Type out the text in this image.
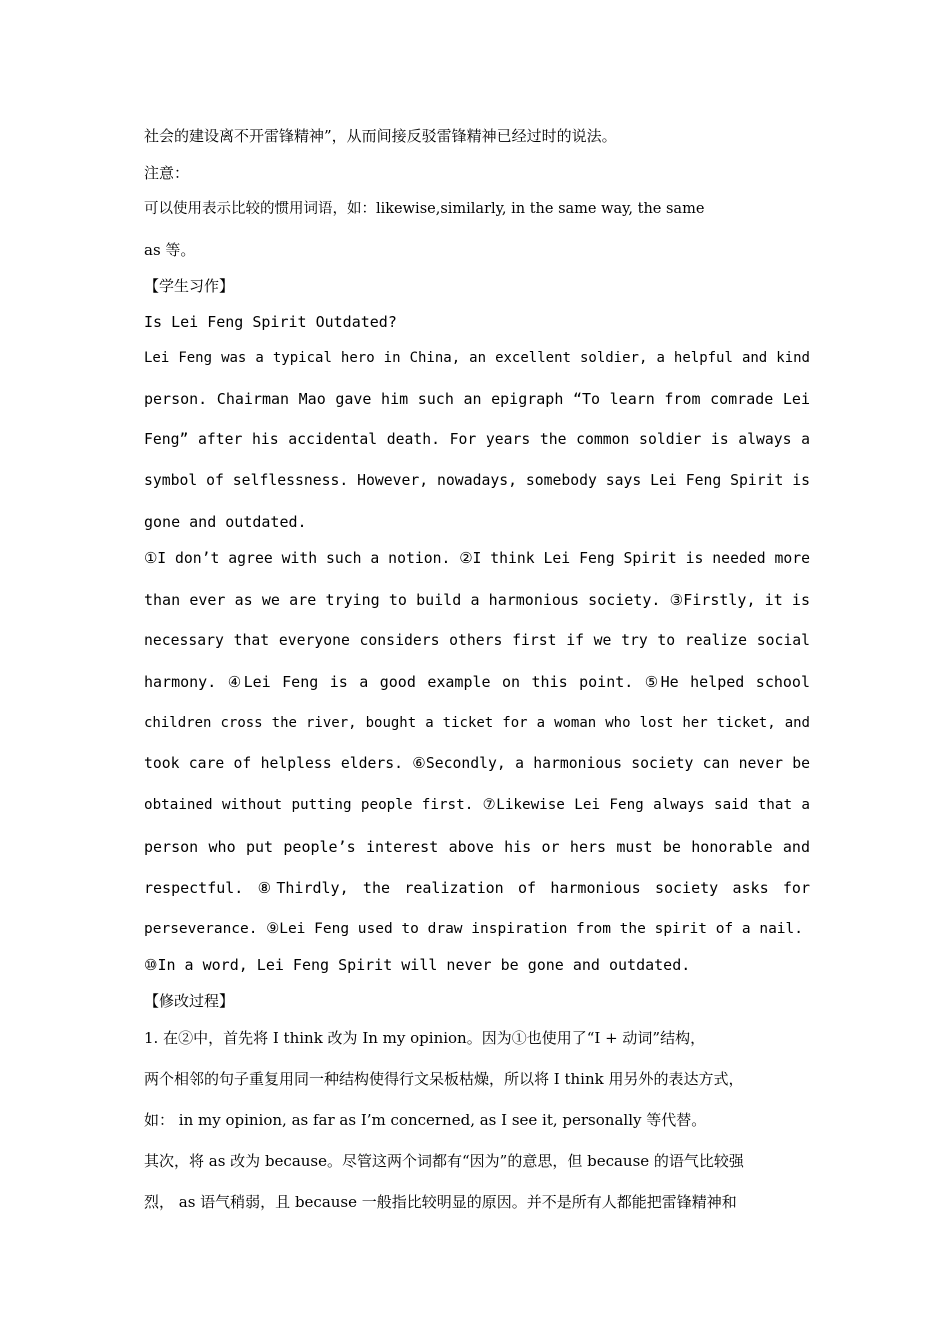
社会的建设离不开雷锋精神”，从而间接反驳雷锋精神已经过时的说法。
注意：
可以使用表示比较的惯用词语，如：likewise,similarly, in the same way, the same
as 等。
【学生习作】
Is Lei Feng Spirit Outdated?
Lei Feng was a typical hero in China, an excellent soldier, a helpful and kind
person. Chairman Mao gave him such an epigraph “To learn from comrade Lei
Feng” after his accidental death. For years the common soldier is always a
symbol of selflessness. However, nowadays, somebody says Lei Feng Spirit is
gone and outdated.
①I don’t agree with such a notion. ②I think Lei Feng Spirit is needed more
than ever as we are trying to build a harmonious society. ③Firstly, it is
necessary that everyone considers others first if we try to realize social
harmony. ④Lei Feng is a good example on this point. ⑤He helped school
children cross the river, bought a ticket for a woman who lost her ticket, and
took care of helpless elders. ⑥Secondly, a harmonious society can never be
obtained without putting people first. ⑦Likewise Lei Feng always said that a
person who put people’s interest above his or hers must be honorable and
respectful. ⑧Thirdly, the realization of harmonious society asks for
perseverance. ⑨Lei Feng used to draw inspiration from the spirit of a nail.
⑩In a word, Lei Feng Spirit will never be gone and outdated.
【修改过程】
1. 在②中，首先将 I think 改为 In my opinion。因为①也使用了“I + 动词”结构，
两个相邻的句子重复用同一种结构使得行文呆板枯燥，所以将 I think 用另外的表达方式，
如： in my opinion, as far as I’m concerned, as I see it, personally 等代替。
其次，将 as 改为 because。尽管这两个词都有“因为”的意思，但 because 的语气比较强
烈， as 语气稍弱，且 because 一般指比较明显的原因。并不是所有人都能把雷锋精神和
